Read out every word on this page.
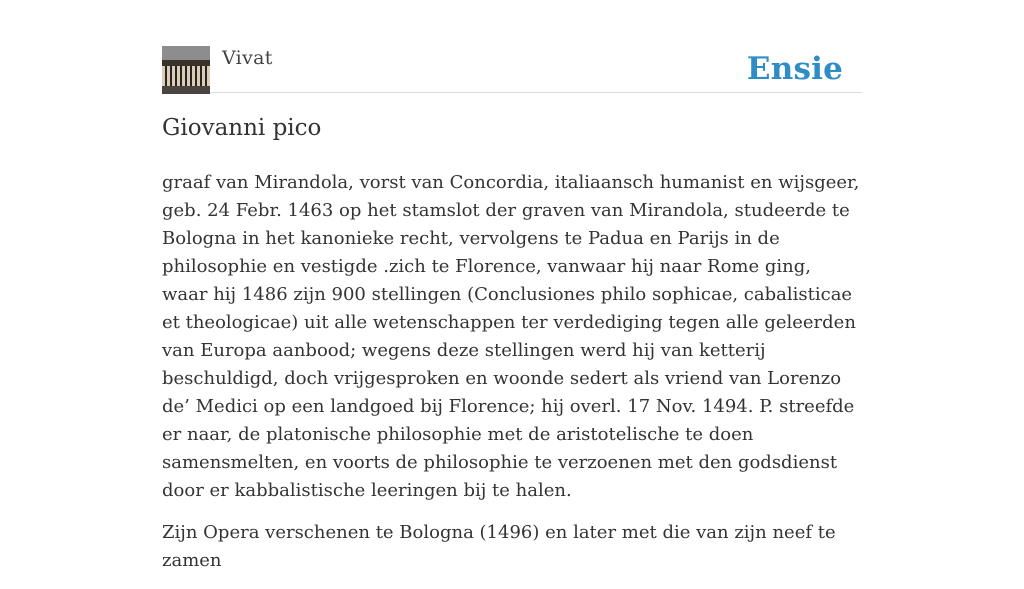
Vivat	Ensie
Giovanni pico

graaf van Mirandola, vorst van Concordia, italiaansch humanist en wijsgeer, geb. 24 Febr. 1463 op het stamslot der graven van Mirandola, studeerde te Bologna in het kanonieke recht, vervolgens te Padua en Parijs in de philosophie en vestigde .zich te Florence, vanwaar hij naar Rome ging, waar hij 1486 zijn 900 stellingen (Conclusiones philo sophicae, cabalisticae et theologicae) uit alle wetenschappen ter verdediging tegen alle geleerden van Europa aanbood; wegens deze stellingen werd hij van ketterij beschuldigd, doch vrijgesproken en woonde sedert als vriend van Lorenzo de’ Medici op een landgoed bij Florence; hij overl. 17 Nov. 1494. P. streefde er naar, de platonische philosophie met de aristotelische te doen samensmelten, en voorts de philosophie te verzoenen met den godsdienst door er kabbalistische leeringen bij te halen.

Zijn Opera verschenen te Bologna (1496) en later met die van zijn neef te zamen
